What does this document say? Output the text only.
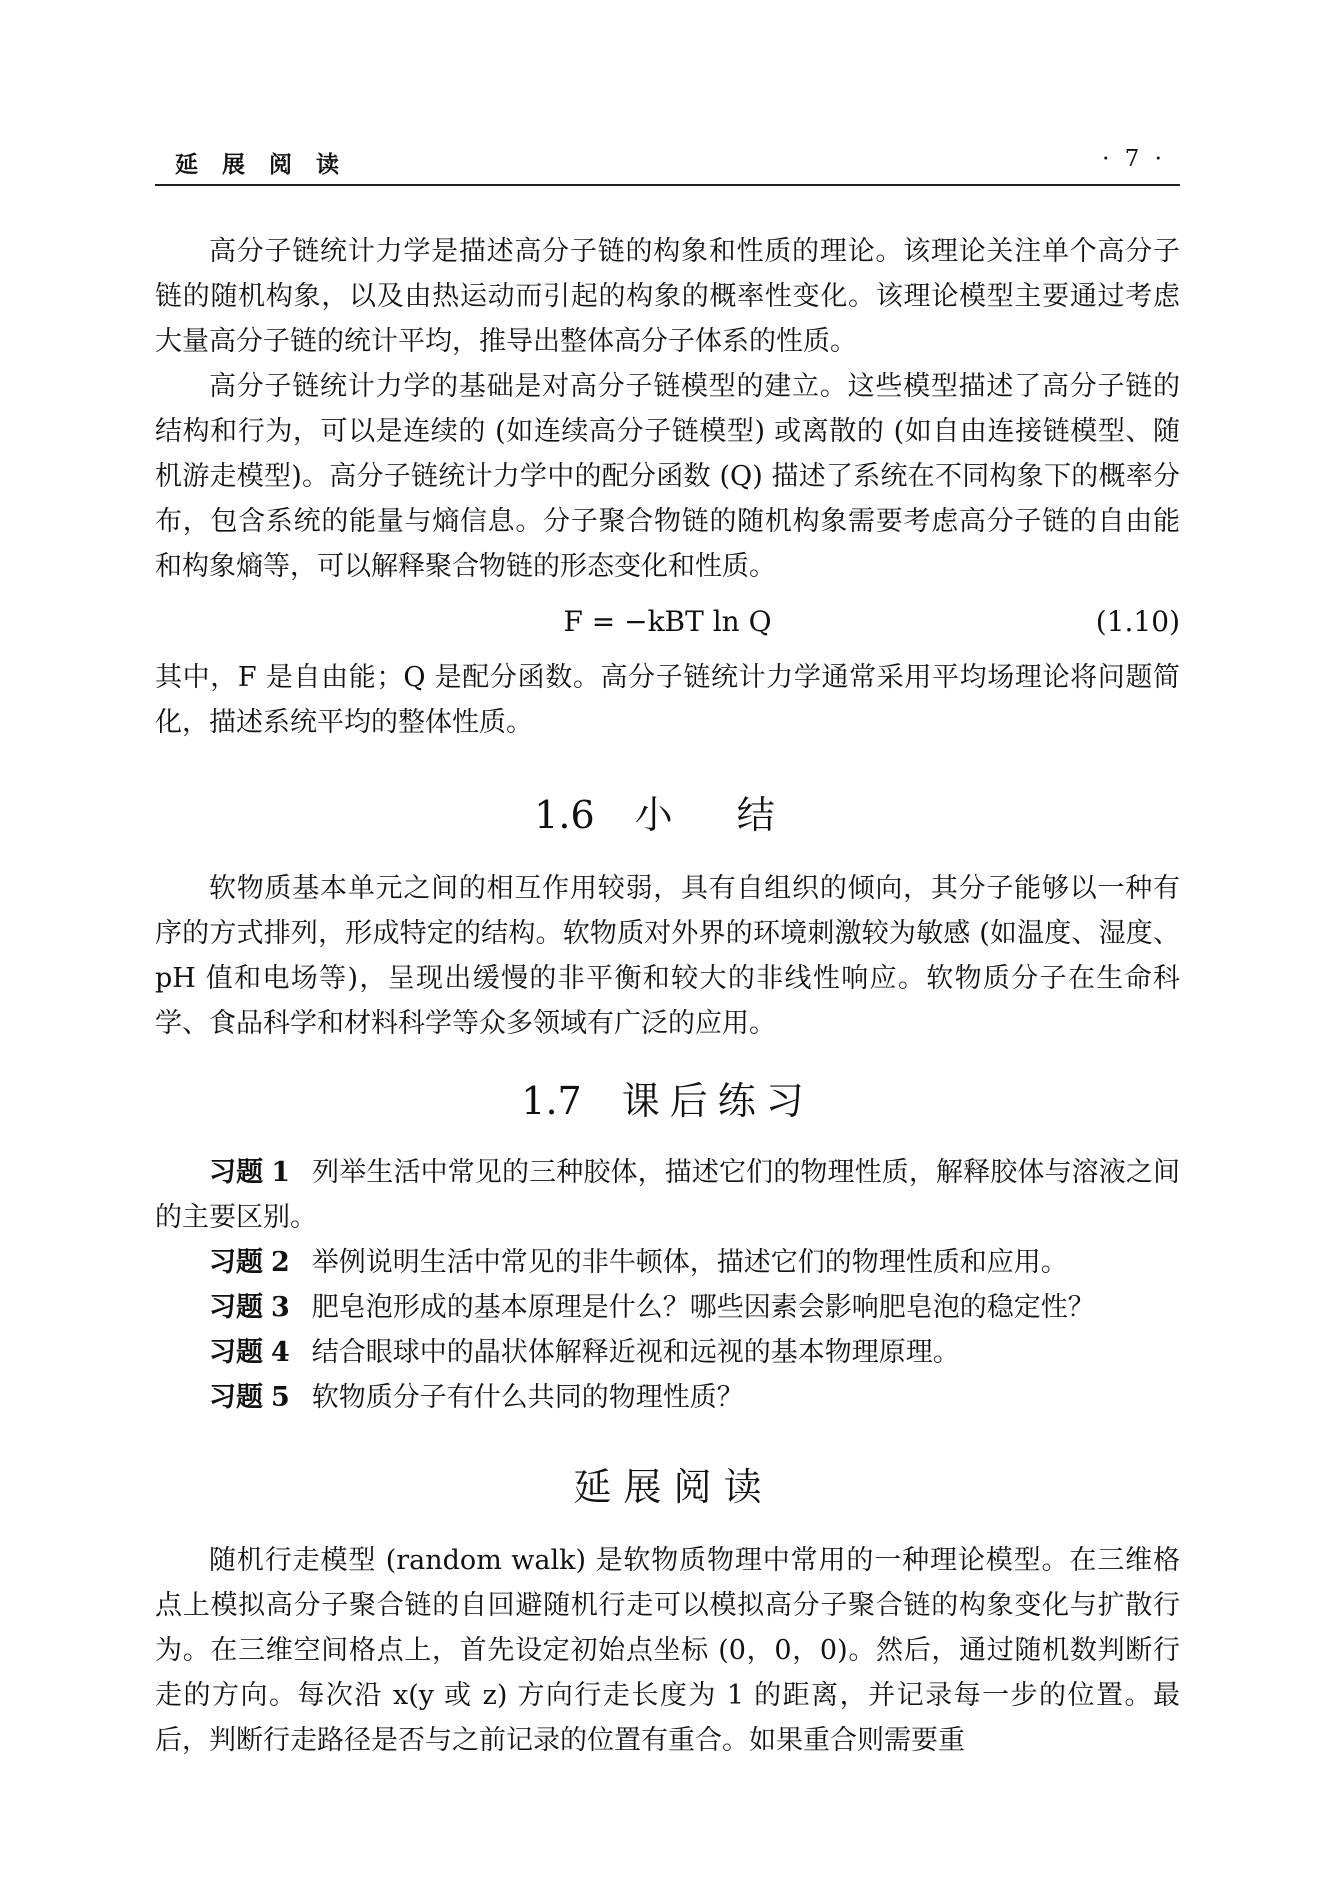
延 展 阅 读	· 7 ·

高分子链统计力学是描述高分子链的构象和性质的理论。该理论关注单个高分子链的随机构象，以及由热运动而引起的构象的概率性变化。该理论模型主要通过考虑大量高分子链的统计平均，推导出整体高分子体系的性质。

高分子链统计力学的基础是对高分子链模型的建立。这些模型描述了高分子链的结构和行为，可以是连续的 (如连续高分子链模型) 或离散的 (如自由连接链模型、随机游走模型)。高分子链统计力学中的配分函数 (Q) 描述了系统在不同构象下的概率分布，包含系统的能量与熵信息。分子聚合物链的随机构象需要考虑高分子链的自由能和构象熵等，可以解释聚合物链的形态变化和性质。

F = −kBT ln Q	(1.10)

其中，F 是自由能；Q 是配分函数。高分子链统计力学通常采用平均场理论将问题简化，描述系统平均的整体性质。

1.6 小 结

软物质基本单元之间的相互作用较弱，具有自组织的倾向，其分子能够以一种有序的方式排列，形成特定的结构。软物质对外界的环境刺激较为敏感 (如温度、湿度、pH 值和电场等)，呈现出缓慢的非平衡和较大的非线性响应。软物质分子在生命科学、食品科学和材料科学等众多领域有广泛的应用。

1.7 课后练习

习题 1 列举生活中常见的三种胶体，描述它们的物理性质，解释胶体与溶液之间的主要区别。

习题 2 举例说明生活中常见的非牛顿体，描述它们的物理性质和应用。

习题 3 肥皂泡形成的基本原理是什么？哪些因素会影响肥皂泡的稳定性？

习题 4 结合眼球中的晶状体解释近视和远视的基本物理原理。

习题 5 软物质分子有什么共同的物理性质？

延 展 阅 读

随机行走模型 (random walk) 是软物质物理中常用的一种理论模型。在三维格点上模拟高分子聚合链的自回避随机行走可以模拟高分子聚合链的构象变化与扩散行为。在三维空间格点上，首先设定初始点坐标 (0，0，0)。然后，通过随机数判断行走的方向。每次沿 x(y 或 z) 方向行走长度为 1 的距离，并记录每一步的位置。最后，判断行走路径是否与之前记录的位置有重合。如果重合则需要重
